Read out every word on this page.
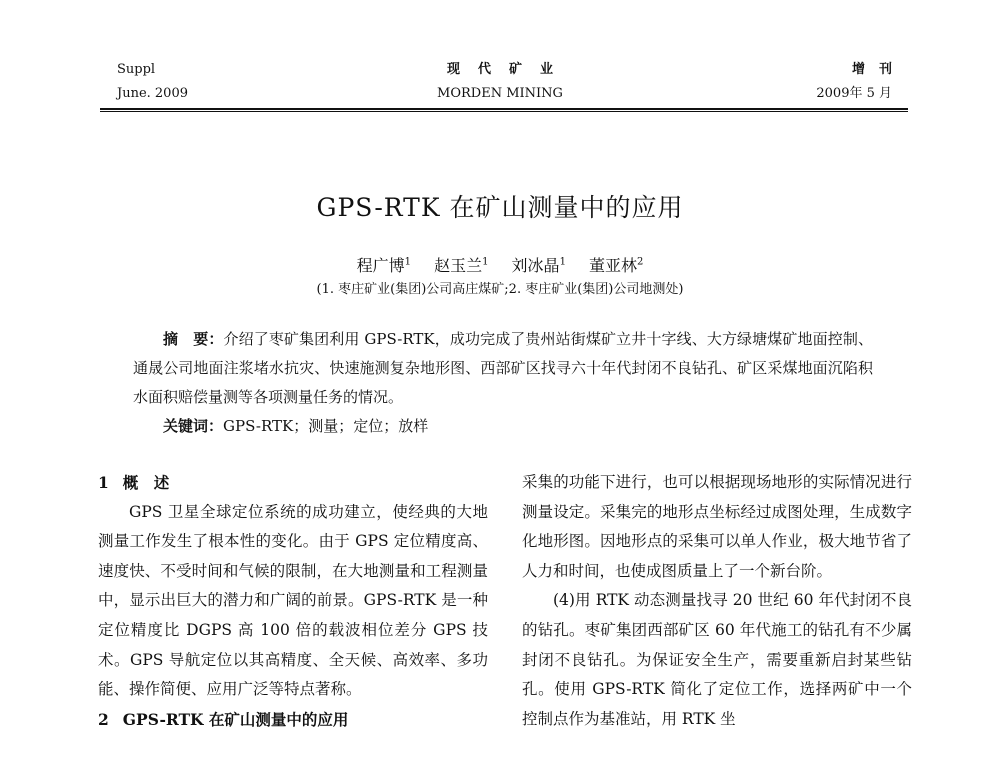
Suppl
June. 2009
现代矿业
MORDEN MINING
增刊
2009年 5 月
GPS-RTK 在矿山测量中的应用
程广博$^1$ 赵玉兰$^1$ 刘冰晶$^1$ 董亚林$^2$
(1. 枣庄矿业(集团)公司高庄煤矿;2. 枣庄矿业(集团)公司地测处)
摘　要：介绍了枣矿集团利用 GPS-RTK，成功完成了贵州站街煤矿立井十字线、大方绿塘煤矿地面控制、通晟公司地面注浆堵水抗灾、快速施测复杂地形图、西部矿区找寻六十年代封闭不良钻孔、矿区采煤地面沉陷积水面积赔偿量测等各项测量任务的情况。
关键词：GPS-RTK；测量；定位；放样

1 概　述

GPS 卫星全球定位系统的成功建立，使经典的大地测量工作发生了根本性的变化。由于 GPS 定位精度高、速度快、不受时间和气候的限制，在大地测量和工程测量中，显示出巨大的潜力和广阔的前景。GPS-RTK 是一种定位精度比 DGPS 高 100 倍的载波相位差分 GPS 技术。GPS 导航定位以其高精度、全天候、高效率、多功能、操作简便、应用广泛等特点著称。

2 GPS-RTK 在矿山测量中的应用

采集的功能下进行，也可以根据现场地形的实际情况进行测量设定。采集完的地形点坐标经过成图处理，生成数字化地形图。因地形点的采集可以单人作业，极大地节省了人力和时间，也使成图质量上了一个新台阶。

(4)用 RTK 动态测量找寻 20 世纪 60 年代封闭不良的钻孔。枣矿集团西部矿区 60 年代施工的钻孔有不少属封闭不良钻孔。为保证安全生产，需要重新启封某些钻孔。使用 GPS-RTK 简化了定位工作，选择两矿中一个控制点作为基准站，用 RTK 坐
